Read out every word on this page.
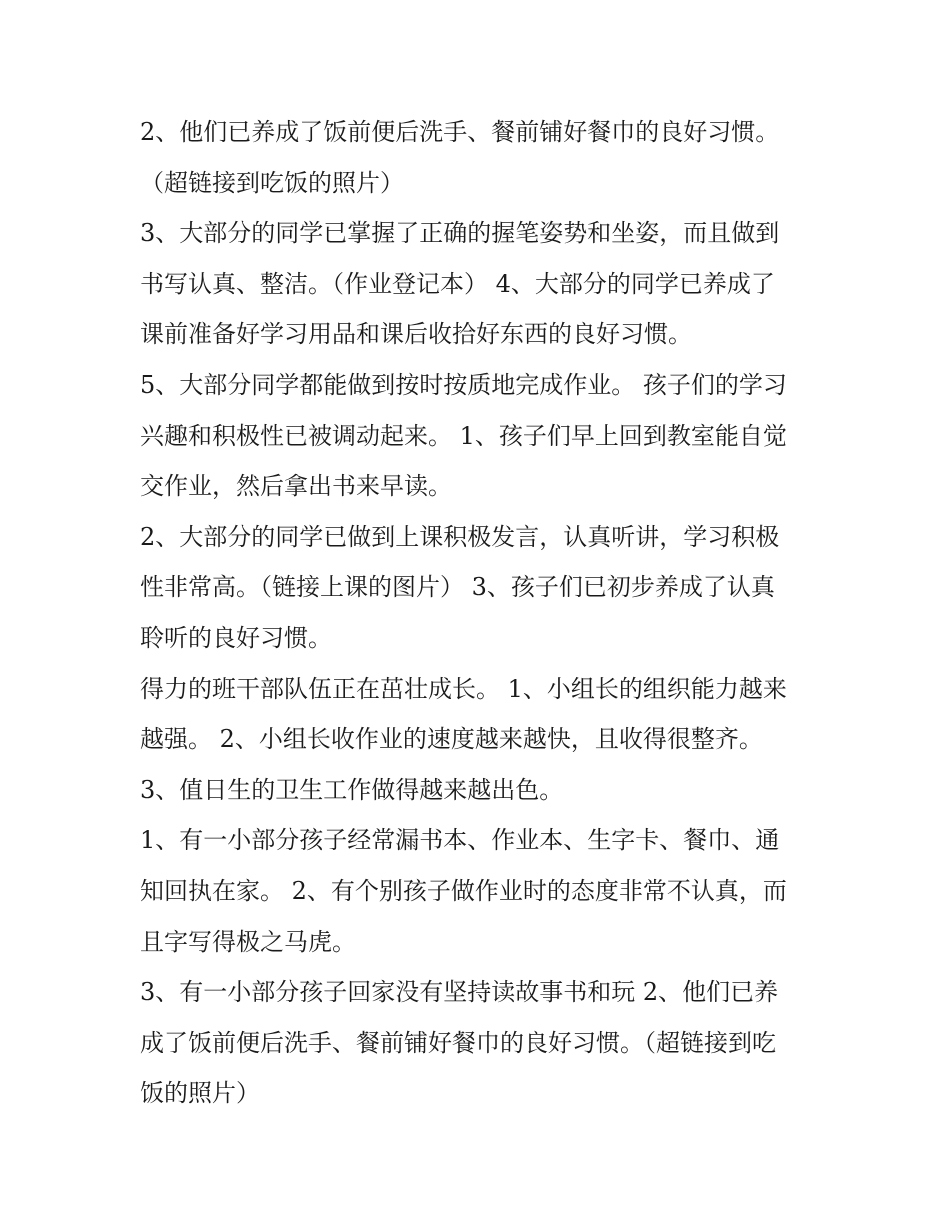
2、他们已养成了饭前便后洗手、餐前铺好餐巾的良好习惯。
（超链接到吃饭的照片）
3、大部分的同学已掌握了正确的握笔姿势和坐姿，而且做到
书写认真、整洁。（作业登记本） 4、大部分的同学已养成了
课前准备好学习用品和课后收拾好东西的良好习惯。
5、大部分同学都能做到按时按质地完成作业。 孩子们的学习
兴趣和积极性已被调动起来。 1、孩子们早上回到教室能自觉
交作业，然后拿出书来早读。
2、大部分的同学已做到上课积极发言，认真听讲，学习积极
性非常高。（链接上课的图片） 3、孩子们已初步养成了认真
聆听的良好习惯。
得力的班干部队伍正在茁壮成长。 1、小组长的组织能力越来
越强。 2、小组长收作业的速度越来越快，且收得很整齐。
3、值日生的卫生工作做得越来越出色。
1、有一小部分孩子经常漏书本、作业本、生字卡、餐巾、通
知回执在家。 2、有个别孩子做作业时的态度非常不认真，而
且字写得极之马虎。
3、有一小部分孩子回家没有坚持读故事书和玩 2、他们已养
成了饭前便后洗手、餐前铺好餐巾的良好习惯。（超链接到吃
饭的照片）
